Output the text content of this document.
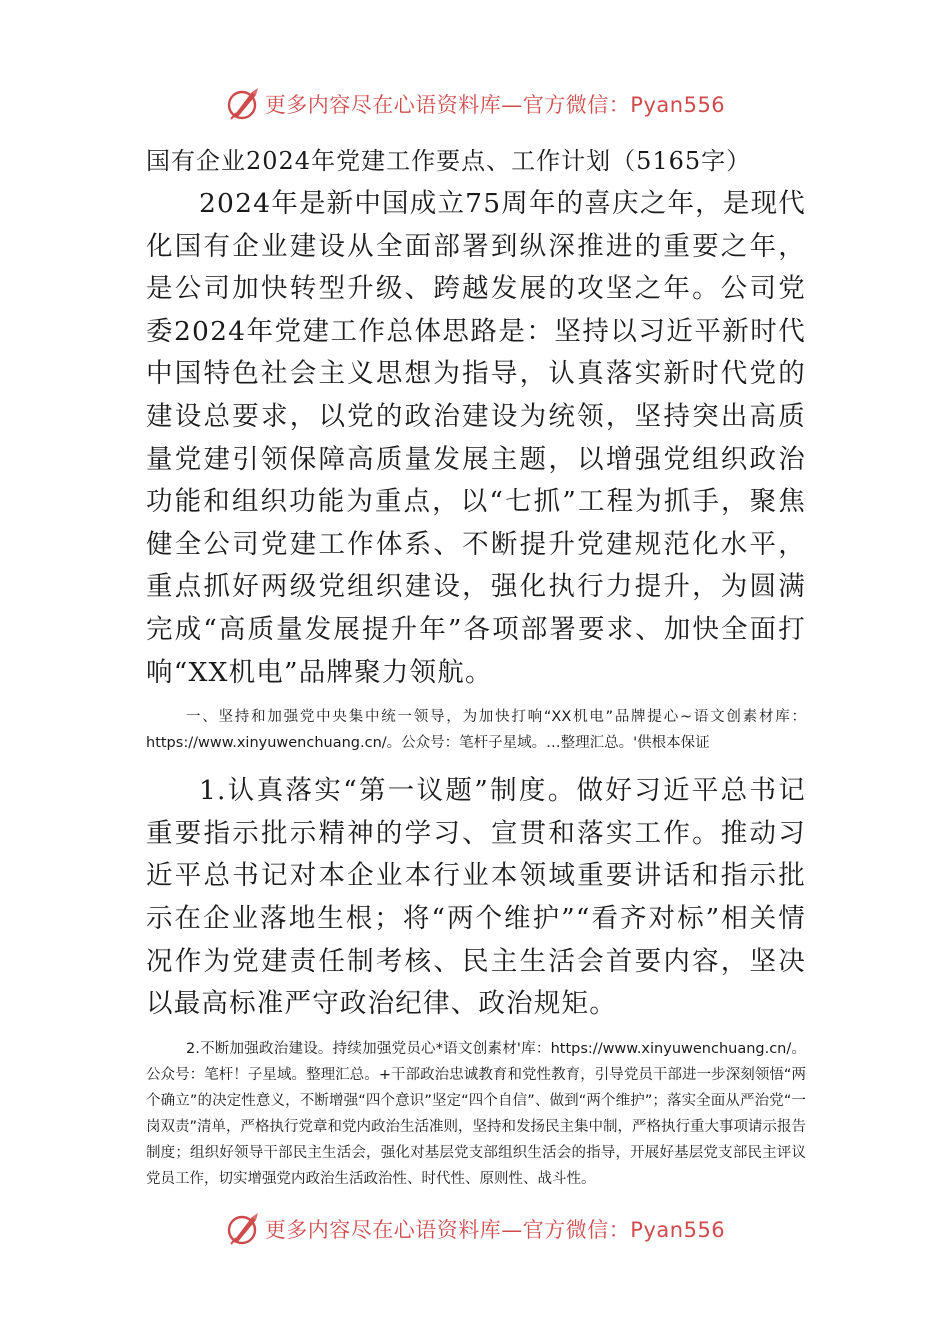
更多内容尽在心语资料库—官方微信：Pyan556
国有企业2024年党建工作要点、工作计划（5165字）

2024年是新中国成立75周年的喜庆之年，是现代化国有企业建设从全面部署到纵深推进的重要之年，是公司加快转型升级、跨越发展的攻坚之年。公司党委2024年党建工作总体思路是：坚持以习近平新时代中国特色社会主义思想为指导，认真落实新时代党的建设总要求，以党的政治建设为统领，坚持突出高质量党建引领保障高质量发展主题，以增强党组织政治功能和组织功能为重点，以“七抓”工程为抓手，聚焦健全公司党建工作体系、不断提升党建规范化水平，重点抓好两级党组织建设，强化执行力提升，为圆满完成“高质量发展提升年”各项部署要求、加快全面打响“XX机电”品牌聚力领航。

一、坚持和加强党中央集中统一领导，为加快打响“XX机电”品牌提心~语文创素材库：https://www.xinyuwenchuang.cn/。公众号：笔杆子星域。…整理汇总。'供根本保证

1.认真落实“第一议题”制度。做好习近平总书记重要指示批示精神的学习、宣贯和落实工作。推动习近平总书记对本企业本行业本领域重要讲话和指示批示在企业落地生根；将“两个维护”“看齐对标”相关情况作为党建责任制考核、民主生活会首要内容，坚决以最高标准严守政治纪律、政治规矩。

2.不断加强政治建设。持续加强党员心*语文创素材'库：https://www.xinyuwenchuang.cn/。公众号：笔杆！子星域。整理汇总。+干部政治忠诚教育和党性教育，引导党员干部进一步深刻领悟“两个确立”的决定性意义，不断增强“四个意识”坚定“四个自信”、做到“两个维护”；落实全面从严治党“一岗双责”清单，严格执行党章和党内政治生活准则，坚持和发扬民主集中制，严格执行重大事项请示报告制度；组织好领导干部民主生活会，强化对基层党支部组织生活会的指导，开展好基层党支部民主评议党员工作，切实增强党内政治生活政治性、时代性、原则性、战斗性。

更多内容尽在心语资料库—官方微信：Pyan556
